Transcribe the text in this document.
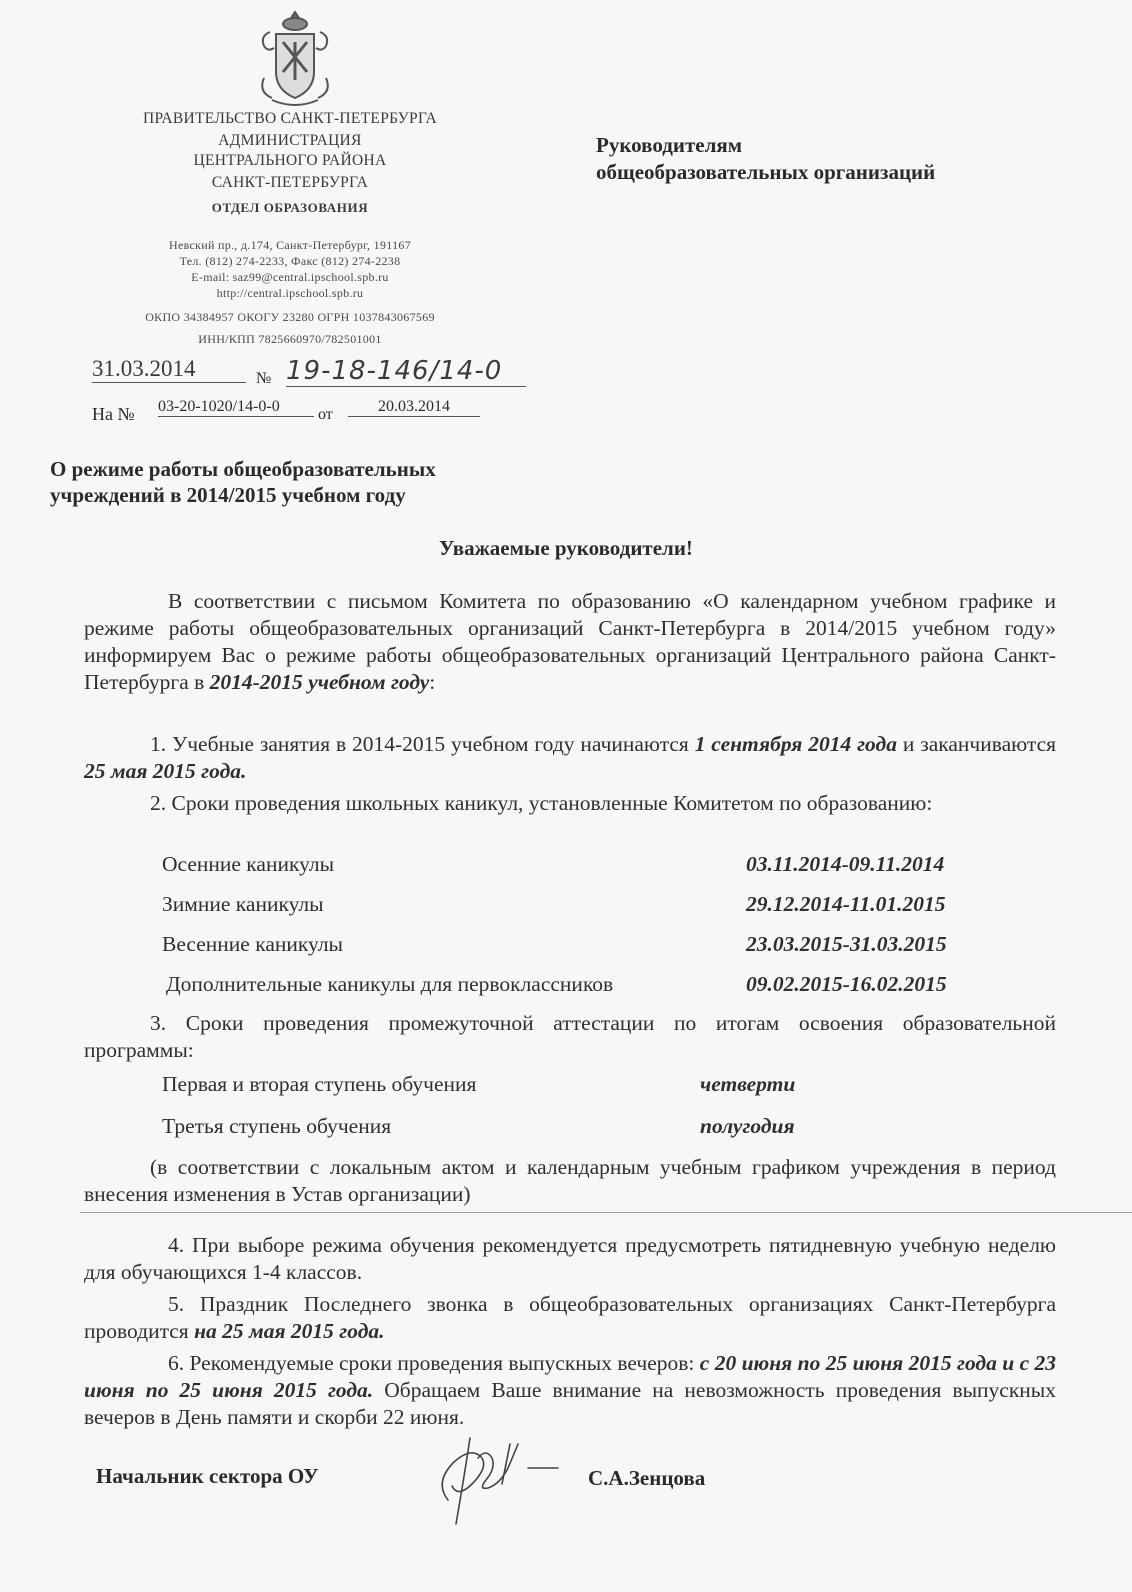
ПРАВИТЕЛЬСТВО САНКТ-ПЕТЕРБУРГА
АДМИНИСТРАЦИЯ
ЦЕНТРАЛЬНОГО РАЙОНА
САНКТ-ПЕТЕРБУРГА
ОТДЕЛ ОБРАЗОВАНИЯ
Невский пр., д.174, Санкт-Петербург, 191167
Тел. (812) 274-2233, Факс (812) 274-2238
E-mail: saz99@central.ipschool.spb.ru
http://central.ipschool.spb.ru
ОКПО 34384957 ОКОГУ 23280 ОГРН 1037843067569
ИНН/КПП 7825660970/782501001
Руководителям
общеобразовательных организаций
31.03.2014	№ 19-18-146/14-0
На № 03-20-1020/14-0-0	от	20.03.2014
О режиме работы общеобразовательных
учреждений в 2014/2015 учебном году
Уважаемые руководители!
В соответствии с письмом Комитета по образованию «О календарном учебном графике и режиме работы общеобразовательных организаций Санкт-Петербурга в 2014/2015 учебном году» информируем Вас о режиме работы общеобразовательных организаций Центрального района Санкт-Петербурга в 2014-2015 учебном году:
1. Учебные занятия в 2014-2015 учебном году начинаются 1 сентября 2014 года и заканчиваются 25 мая 2015 года.
2. Сроки проведения школьных каникул, установленные Комитетом по образованию:
Осенние каникулы	03.11.2014-09.11.2014
Зимние каникулы	29.12.2014-11.01.2015
Весенние каникулы	23.03.2015-31.03.2015
Дополнительные каникулы для первоклассников	09.02.2015-16.02.2015
3. Сроки проведения промежуточной аттестации по итогам освоения образовательной программы:
Первая и вторая ступень обучения	четверти
Третья ступень обучения	полугодия
(в соответствии с локальным актом и календарным учебным графиком учреждения в период внесения изменения в Устав организации)
4. При выборе режима обучения рекомендуется предусмотреть пятидневную учебную неделю для обучающихся 1-4 классов.
5. Праздник Последнего звонка в общеобразовательных организациях Санкт-Петербурга проводится на 25 мая 2015 года.
6. Рекомендуемые сроки проведения выпускных вечеров: с 20 июня по 25 июня 2015 года и с 23 июня по 25 июня 2015 года. Обращаем Ваше внимание на невозможность проведения выпускных вечеров в День памяти и скорби 22 июня.
Начальник сектора ОУ	С.А.Зенцова
